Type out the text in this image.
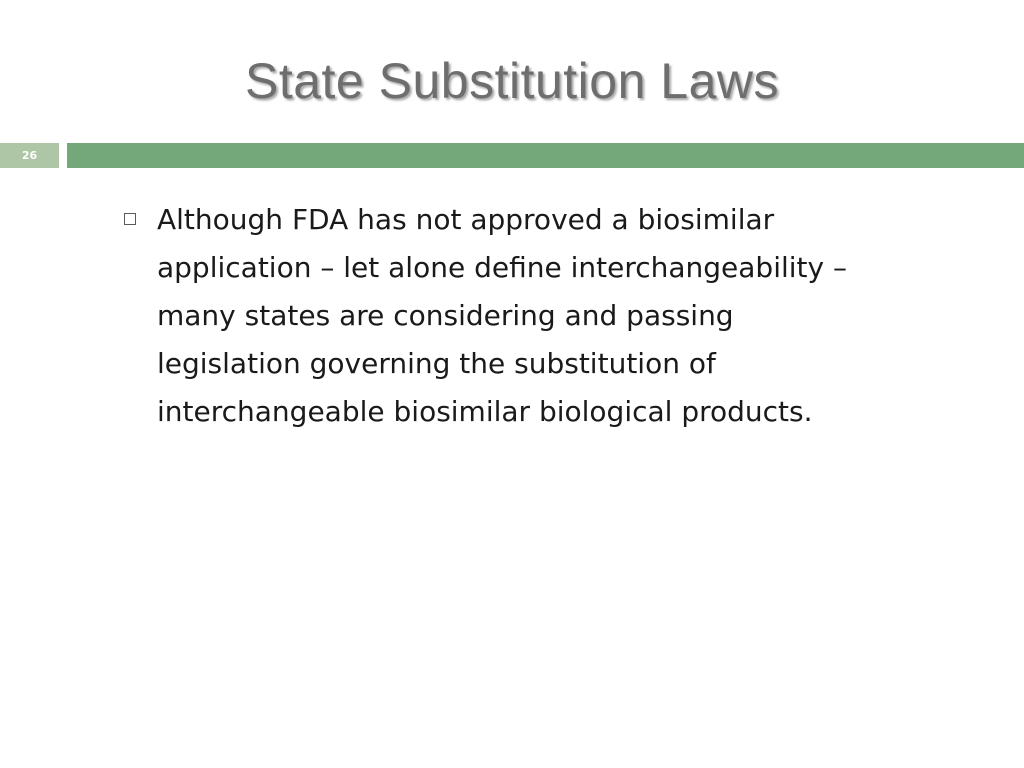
State Substitution Laws
26
Although FDA has not approved a biosimilar
application – let alone define interchangeability –
many states are considering and passing
legislation governing the substitution of
interchangeable biosimilar biological products.
